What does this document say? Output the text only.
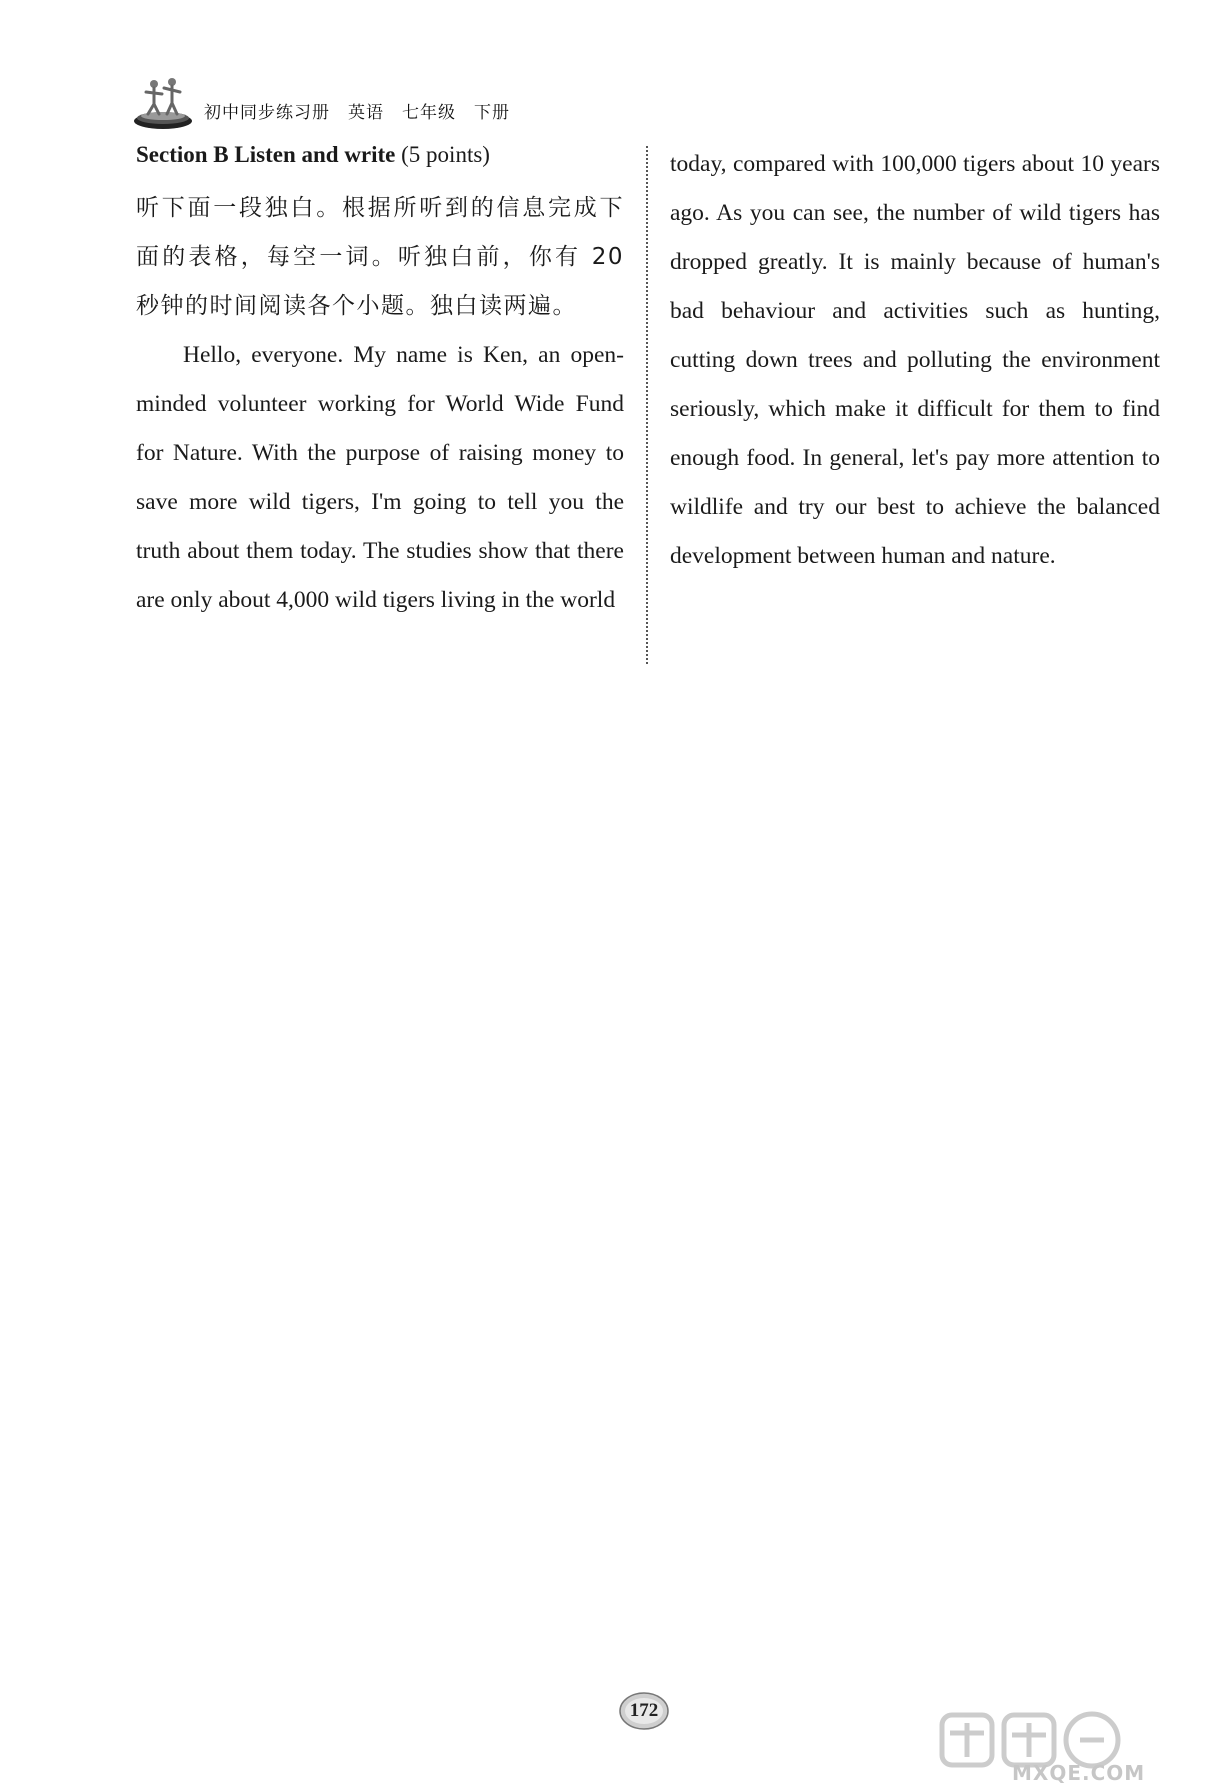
初中同步练习册 英语 七年级 下册

Section B Listen and write (5 points)

听下面一段独白。根据所听到的信息完成下面的表格，每空一词。听独白前，你有 20 秒钟的时间阅读各个小题。独白读两遍。

Hello, everyone. My name is Ken, an open-minded volunteer working for World Wide Fund for Nature. With the purpose of raising money to save more wild tigers, I'm going to tell you the truth about them today. The studies show that there are only about 4,000 wild tigers living in the world

today, compared with 100,000 tigers about 10 years ago. As you can see, the number of wild tigers has dropped greatly. It is mainly because of human's bad behaviour and activities such as hunting, cutting down trees and polluting the environment seriously, which make it difficult for them to find enough food. In general, let's pay more attention to wildlife and try our best to achieve the balanced development between human and nature.

172
MXQE.COM
